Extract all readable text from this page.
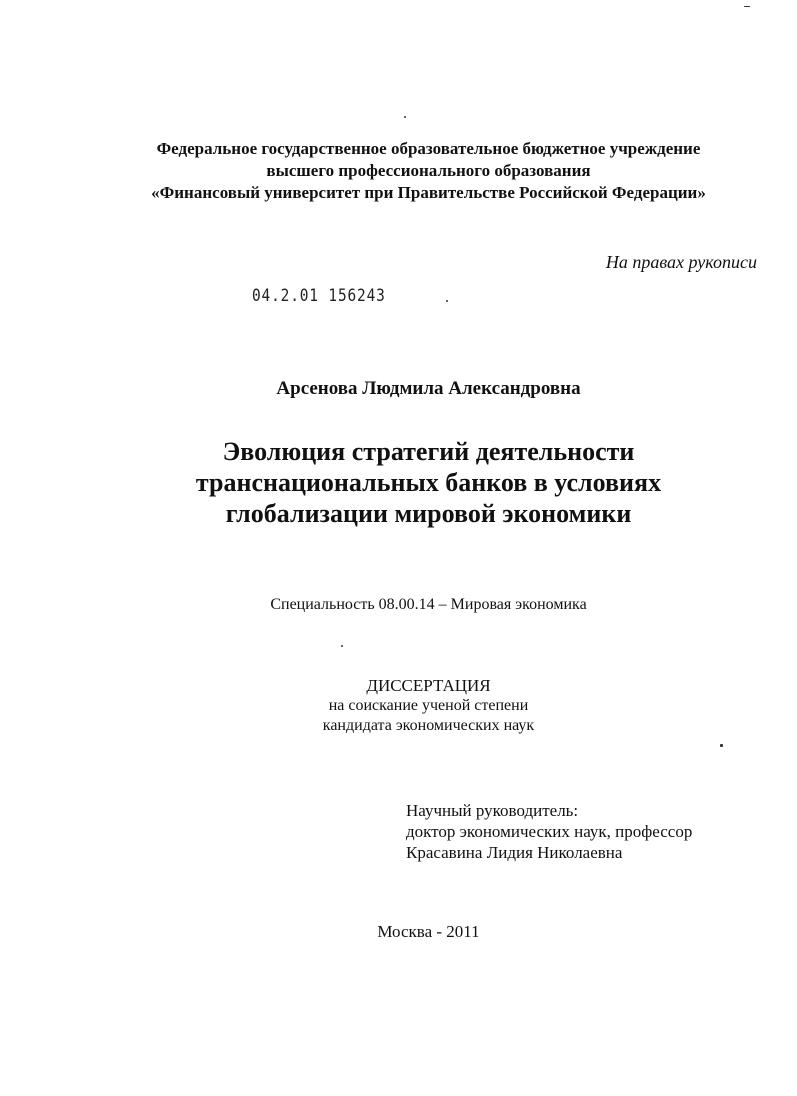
Федеральное государственное образовательное бюджетное учреждение
высшего профессионального образования
«Финансовый университет при Правительстве Российской Федерации»
На правах рукописи
04.2.01 156243
Арсенова Людмила Александровна
Эволюция стратегий деятельности
транснациональных банков в условиях
глобализации мировой экономики
Специальность 08.00.14 – Мировая экономика
ДИССЕРТАЦИЯ
на соискание ученой степени
кандидата экономических наук
Научный руководитель:
доктор экономических наук, профессор
Красавина Лидия Николаевна
Москва - 2011
